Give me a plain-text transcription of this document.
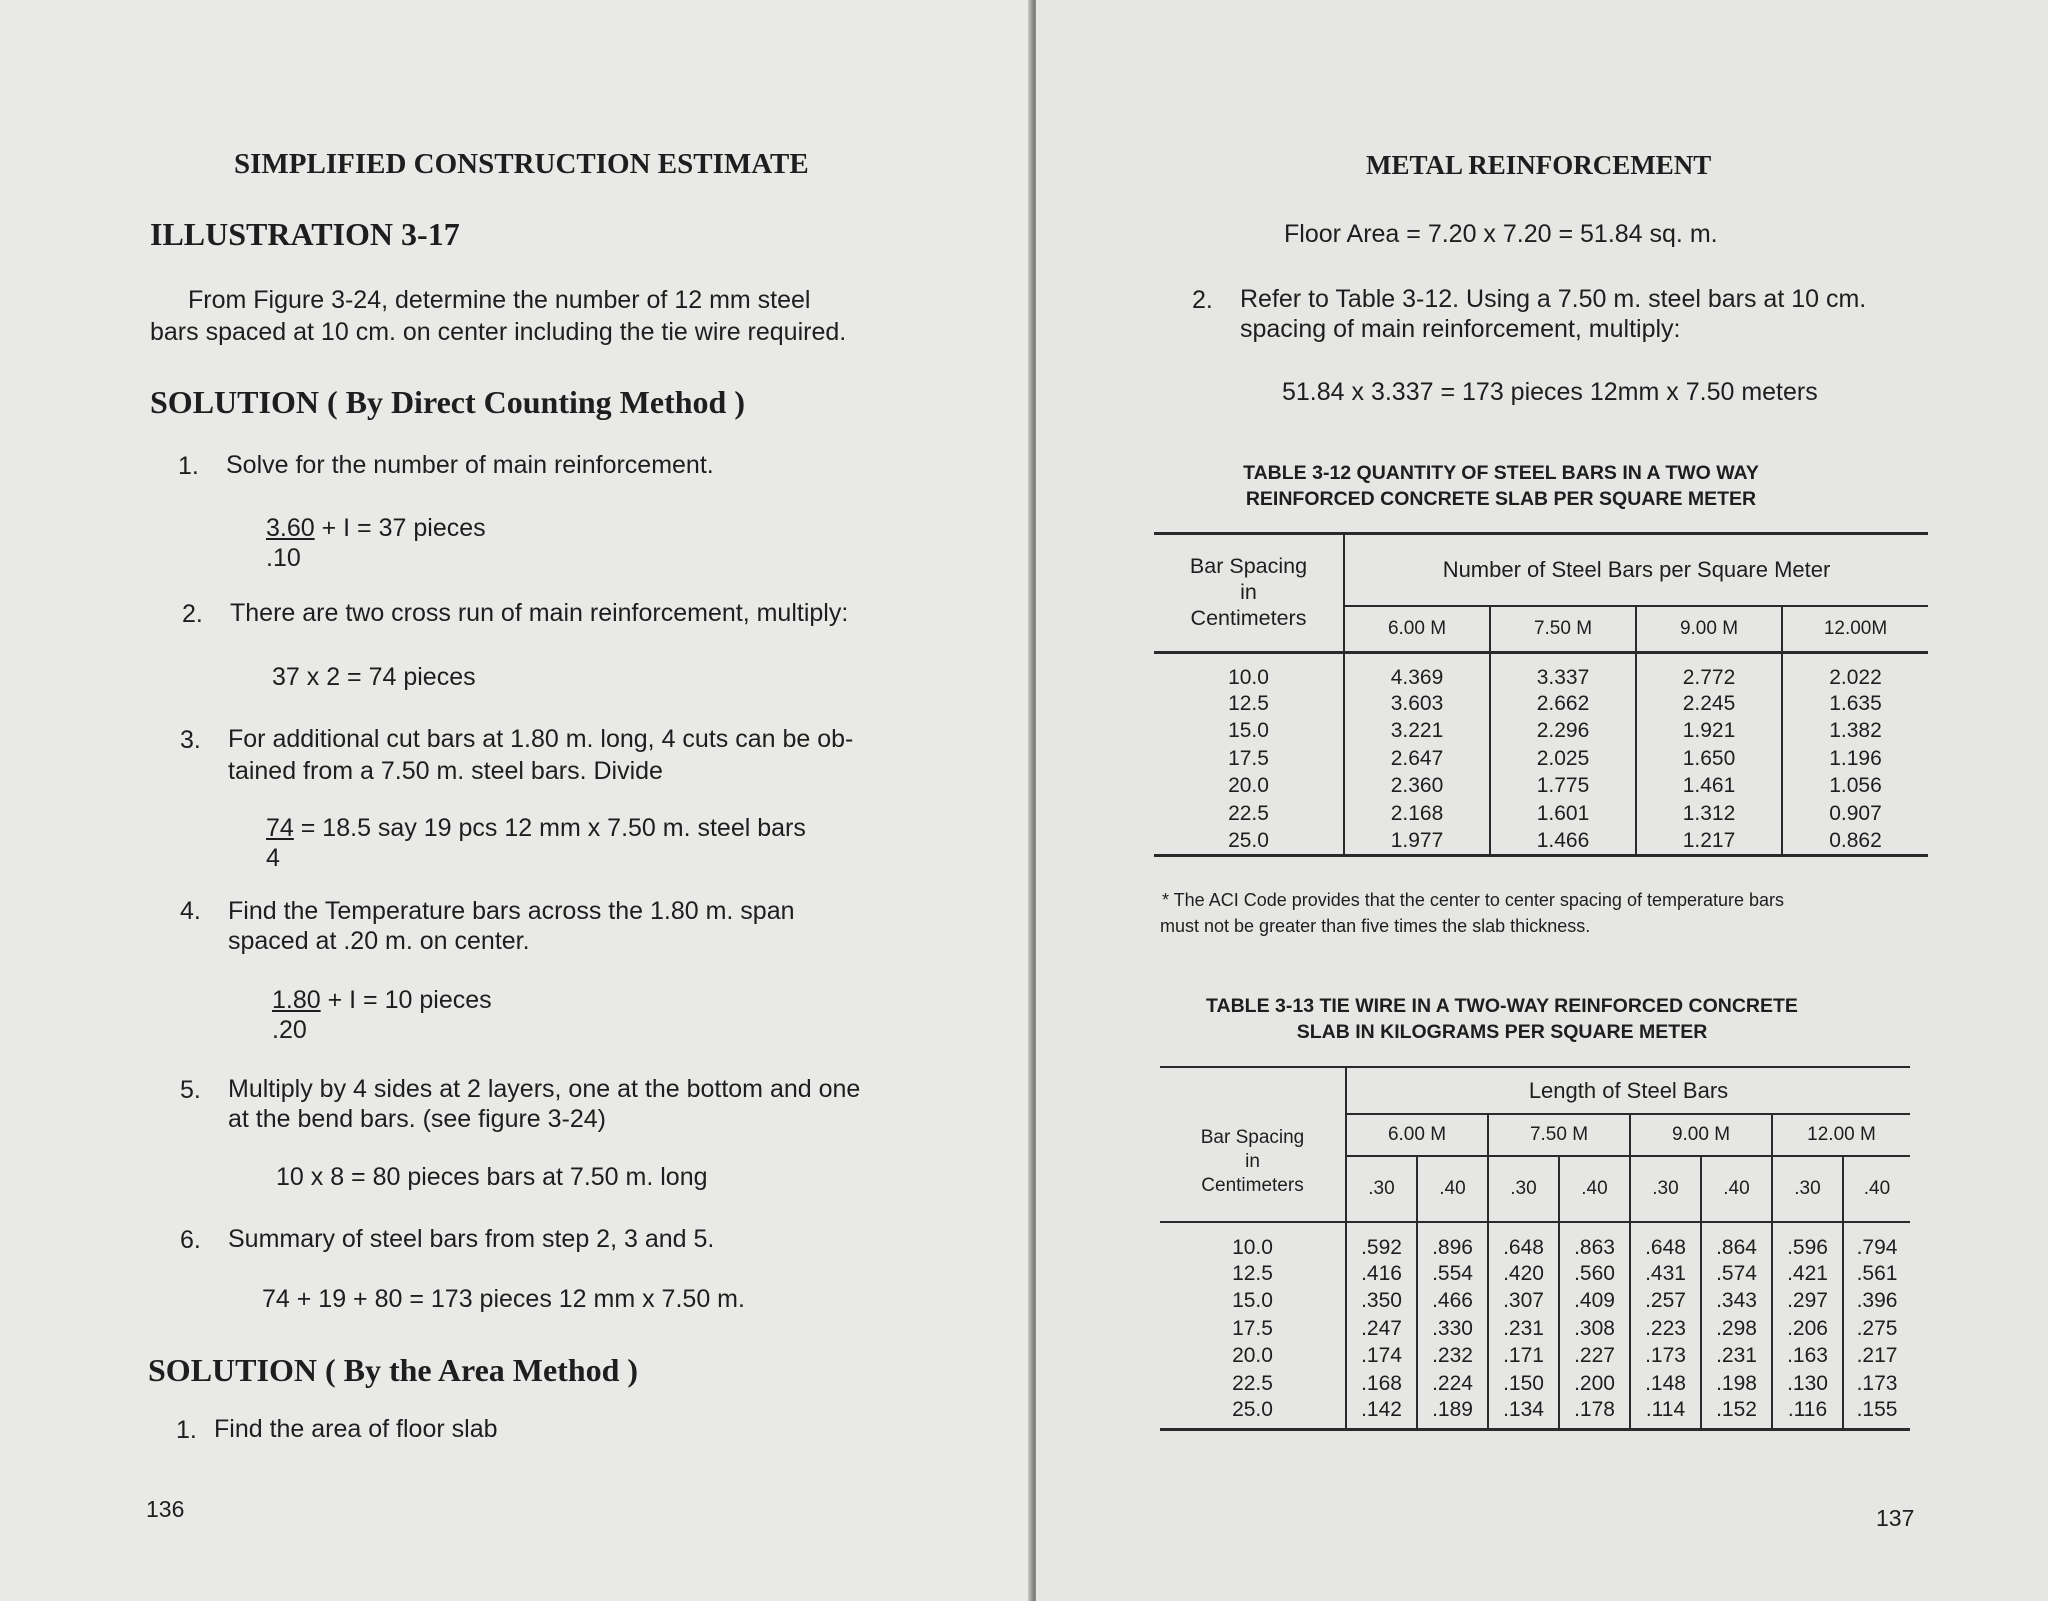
SIMPLIFIED CONSTRUCTION ESTIMATE
ILLUSTRATION 3-17
From Figure 3-24, determine the number of 12 mm steel
bars spaced at 10 cm. on center including the tie wire required.
SOLUTION ( By Direct Counting Method )
1. Solve for the number of main reinforcement.
3.60 + I = 37 pieces
.10
2. There are two cross run of main reinforcement, multiply:
37 x 2 = 74 pieces
3. For additional cut bars at 1.80 m. long, 4 cuts can be ob-
tained from a 7.50 m. steel bars. Divide
74 = 18.5 say 19 pcs 12 mm x 7.50 m. steel bars
4
4. Find the Temperature bars across the 1.80 m. span
spaced at .20 m. on center.
1.80 + I = 10 pieces
.20
5. Multiply by 4 sides at 2 layers, one at the bottom and one
at the bend bars. (see figure 3-24)
10 x 8 = 80 pieces bars at 7.50 m. long
6. Summary of steel bars from step 2, 3 and 5.
74 + 19 + 80 = 173 pieces 12 mm x 7.50 m.
SOLUTION ( By the Area Method )
1. Find the area of floor slab
136
METAL REINFORCEMENT
Floor Area = 7.20 x 7.20 = 51.84 sq. m.
2. Refer to Table 3-12. Using a 7.50 m. steel bars at 10 cm.
spacing of main reinforcement, multiply:
51.84 x 3.337 = 173 pieces 12mm x 7.50 meters
TABLE 3-12 QUANTITY OF STEEL BARS IN A TWO WAY
REINFORCED CONCRETE SLAB PER SQUARE METER
Bar Spacing
in
Centimeters	Number of Steel Bars per Square Meter			
	6.00 M	7.50 M	9.00 M	12.00M
10.0	4.369	3.337	2.772	2.022
12.5	3.603	2.662	2.245	1.635
15.0	3.221	2.296	1.921	1.382
17.5	2.647	2.025	1.650	1.196
20.0	2.360	1.775	1.461	1.056
22.5	2.168	1.601	1.312	0.907
25.0	1.977	1.466	1.217	0.862
* The ACI Code provides that the center to center spacing of temperature bars
must not be greater than five times the slab thickness.
TABLE 3-13 TIE WIRE IN A TWO-WAY REINFORCED CONCRETE
SLAB IN KILOGRAMS PER SQUARE METER
Bar Spacing
in
Centimeters	Length of Steel Bars							
	6.00 M		7.50 M		9.00 M		12.00 M	
	.30	.40	.30	.40	.30	.40	.30	.40
10.0	.592	.896	.648	.863	.648	.864	.596	.794
12.5	.416	.554	.420	.560	.431	.574	.421	.561
15.0	.350	.466	.307	.409	.257	.343	.297	.396
17.5	.247	.330	.231	.308	.223	.298	.206	.275
20.0	.174	.232	.171	.227	.173	.231	.163	.217
22.5	.168	.224	.150	.200	.148	.198	.130	.173
25.0	.142	.189	.134	.178	.114	.152	.116	.155
137
